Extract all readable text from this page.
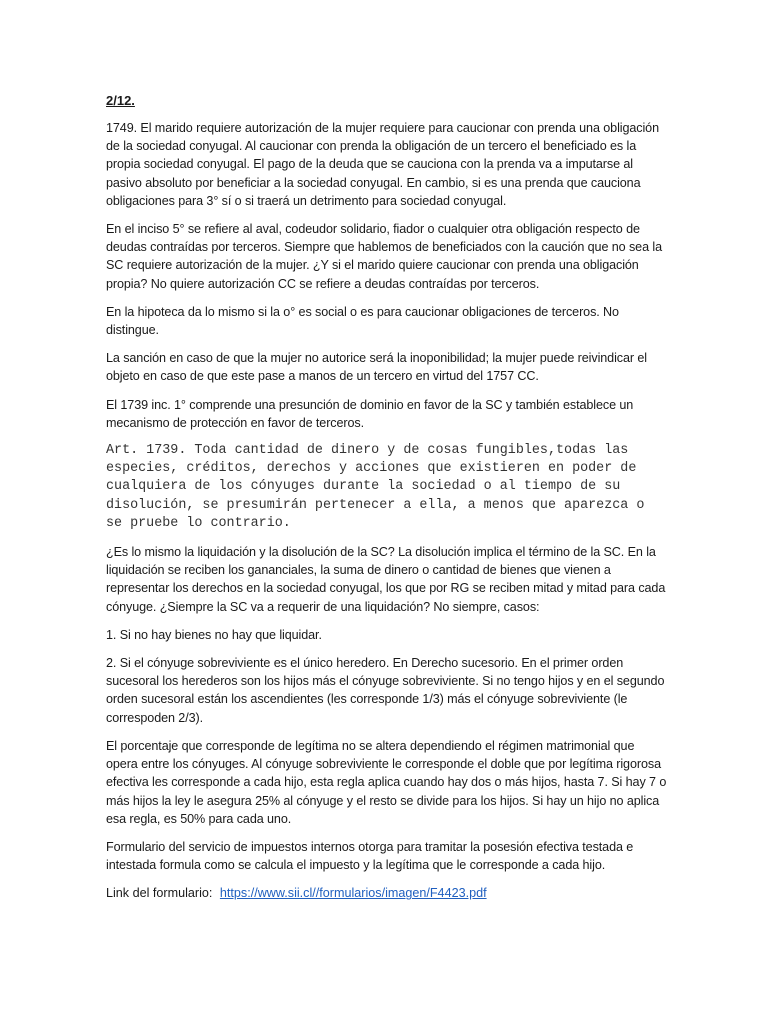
2/12.

1749. El marido requiere autorización de la mujer requiere para caucionar con prenda una obligación de la sociedad conyugal. Al caucionar con prenda la obligación de un tercero el beneficiado es la propia sociedad conyugal. El pago de la deuda que se cauciona con la prenda va a imputarse al pasivo absoluto por beneficiar a la sociedad conyugal. En cambio, si es una prenda que cauciona obligaciones para 3° sí o si traerá un detrimento para sociedad conyugal.

En el inciso 5° se refiere al aval, codeudor solidario, fiador o cualquier otra obligación respecto de deudas contraídas por terceros. Siempre que hablemos de beneficiados con la caución que no sea la SC requiere autorización de la mujer. ¿Y si el marido quiere caucionar con prenda una obligación propia? No quiere autorización CC se refiere a deudas contraídas por terceros.

En la hipoteca da lo mismo si la o° es social o es para caucionar obligaciones de terceros. No distingue.

La sanción en caso de que la mujer no autorice será la inoponibilidad; la mujer puede reivindicar el objeto en caso de que este pase a manos de un tercero en virtud del 1757 CC.

El 1739 inc. 1° comprende una presunción de dominio en favor de la SC y también establece un mecanismo de protección en favor de terceros.

Art. 1739. Toda cantidad de dinero y de cosas fungibles,todas las especies, créditos, derechos y acciones que existieren en poder de cualquiera de los cónyuges durante la sociedad o al tiempo de su disolución, se presumirán pertenecer a ella, a menos que aparezca o se pruebe lo contrario.

¿Es lo mismo la liquidación y la disolución de la SC? La disolución implica el término de la SC. En la liquidación se reciben los gananciales, la suma de dinero o cantidad de bienes que vienen a representar los derechos en la sociedad conyugal, los que por RG se reciben mitad y mitad para cada cónyuge. ¿Siempre la SC va a requerir de una liquidación? No siempre, casos:

1. Si no hay bienes no hay que liquidar.

2. Si el cónyuge sobreviviente es el único heredero. En Derecho sucesorio. En el primer orden sucesoral los herederos son los hijos más el cónyuge sobreviviente. Si no tengo hijos y en el segundo orden sucesoral están los ascendientes (les corresponde 1/3) más el cónyuge sobreviviente (le correspoden 2/3).

El porcentaje que corresponde de legítima no se altera dependiendo el régimen matrimonial que opera entre los cónyuges. Al cónyuge sobreviviente le corresponde el doble que por legítima rigorosa efectiva les corresponde a cada hijo, esta regla aplica cuando hay dos o más hijos, hasta 7. Si hay 7 o más hijos la ley le asegura 25% al cónyuge y el resto se divide para los hijos. Si hay un hijo no aplica esa regla, es 50% para cada uno.

Formulario del servicio de impuestos internos otorga para tramitar la posesión efectiva testada e intestada formula como se calcula el impuesto y la legítima que le corresponde a cada hijo.

Link del formulario: https://www.sii.cl//formularios/imagen/F4423.pdf
